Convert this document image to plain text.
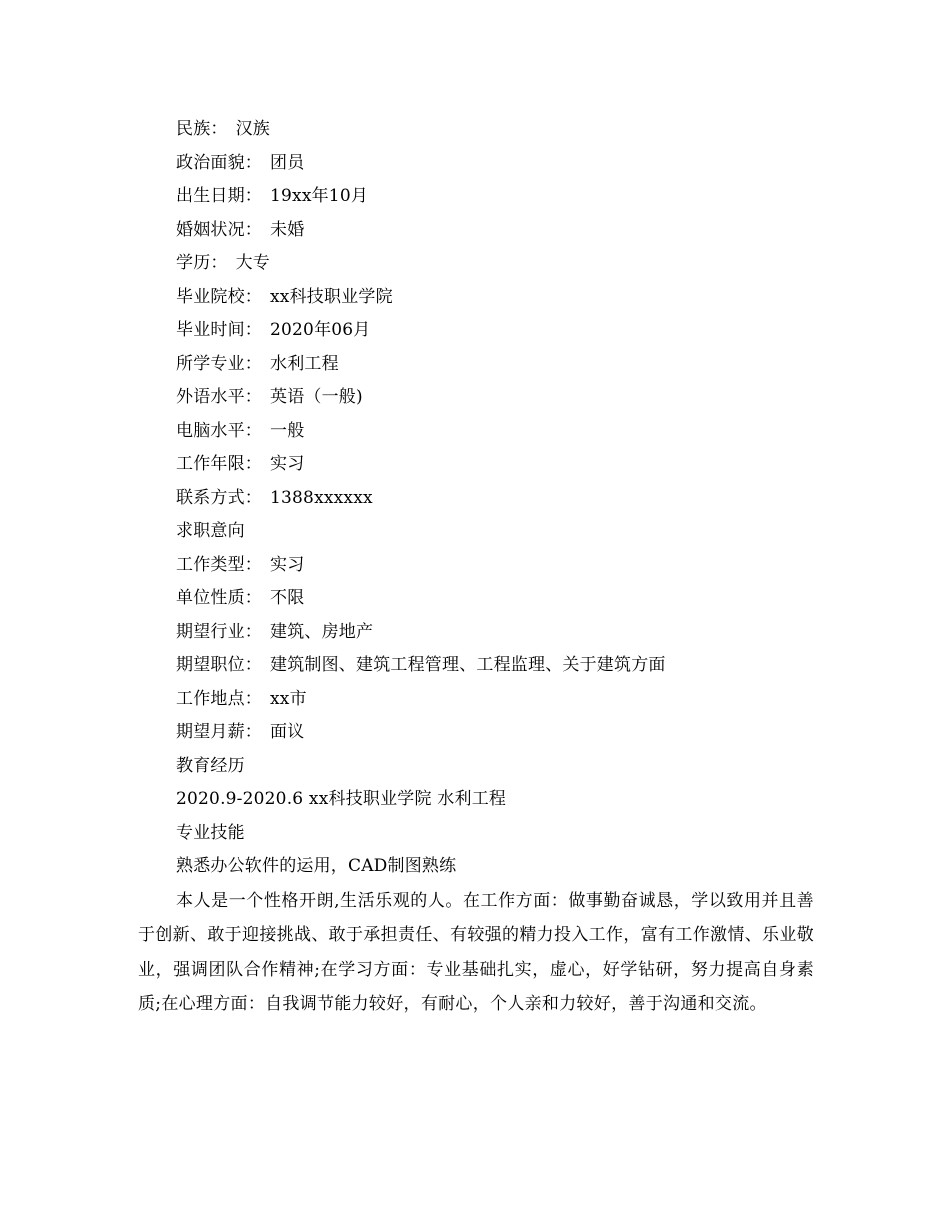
民族： 汉族
政治面貌： 团员
出生日期： 19xx年10月
婚姻状况： 未婚
学历： 大专
毕业院校： xx科技职业学院
毕业时间： 2020年06月
所学专业： 水利工程
外语水平： 英语（一般)
电脑水平： 一般
工作年限： 实习
联系方式： 1388xxxxxx
求职意向
工作类型： 实习
单位性质： 不限
期望行业： 建筑、房地产
期望职位： 建筑制图、建筑工程管理、工程监理、关于建筑方面
工作地点： xx市
期望月薪： 面议
教育经历
2020.9-2020.6 xx科技职业学院 水利工程
专业技能
熟悉办公软件的运用，CAD制图熟练

本人是一个性格开朗,生活乐观的人。在工作方面：做事勤奋诚恳，学以致用并且善于创新、敢于迎接挑战、敢于承担责任、有较强的精力投入工作，富有工作激情、乐业敬业，强调团队合作精神;在学习方面：专业基础扎实，虚心，好学钻研，努力提高自身素质;在心理方面：自我调节能力较好，有耐心，个人亲和力较好，善于沟通和交流。
